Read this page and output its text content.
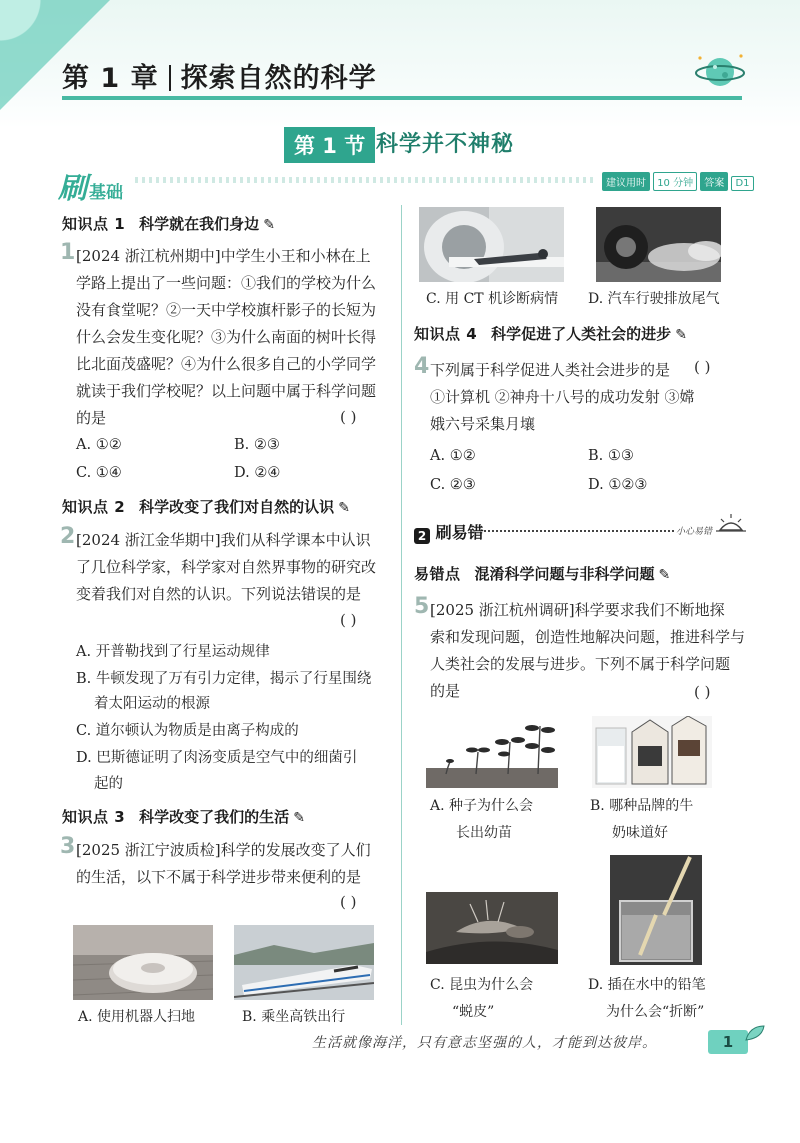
第 1 章 探索自然的科学
第 1 节 科学并不神秘
刷基础	建议用时 10 分钟 答案 D1
知识点 1 科学就在我们身边 ✎
1 [2024 浙江杭州期中]中学生小王和小林在上
学路上提出了一些问题：①我们的学校为什么
没有食堂呢？②一天中学校旗杆影子的长短为
什么会发生变化呢？③为什么南面的树叶长得
比北面茂盛呢？④为什么很多自己的小学同学
就读于我们学校呢？以上问题中属于科学问题
的是	( )
A. ①②	B. ②③
C. ①④	D. ②④
知识点 2 科学改变了我们对自然的认识 ✎
2 [2024 浙江金华期中]我们从科学课本中认识
了几位科学家，科学家对自然界事物的研究改
变着我们对自然的认识。下列说法错误的是
( )
A. 开普勒找到了行星运动规律
B. 牛顿发现了万有引力定律，揭示了行星围绕
着太阳运动的根源
C. 道尔顿认为物质是由离子构成的
D. 巴斯德证明了肉汤变质是空气中的细菌引
起的
知识点 3 科学改变了我们的生活 ✎
3 [2025 浙江宁波质检]科学的发展改变了人们
的生活，以下不属于科学进步带来便利的是
( )
A. 使用机器人扫地	B. 乘坐高铁出行
C. 用 CT 机诊断病情 D. 汽车行驶排放尾气
知识点 4 科学促进了人类社会的进步 ✎
4 下列属于科学促进人类社会进步的是
①计算机 ②神舟十八号的成功发射 ③嫦
娥六号采集月壤
( )
A. ①②	B. ①③
C. ②③	D. ①②③
2 刷易错	小心易错
易错点 混淆科学问题与非科学问题 ✎
5 [2025 浙江杭州调研]科学要求我们不断地探
索和发现问题，创造性地解决问题，推进科学与
人类社会的发展与进步。下列不属于科学问题
的是	( )
A. 种子为什么会
长出幼苗
B. 哪种品牌的牛
奶味道好
C. 昆虫为什么会
“蜕皮”
D. 插在水中的铅笔
为什么会“折断”
生活就像海洋，只有意志坚强的人，才能到达彼岸。	1
